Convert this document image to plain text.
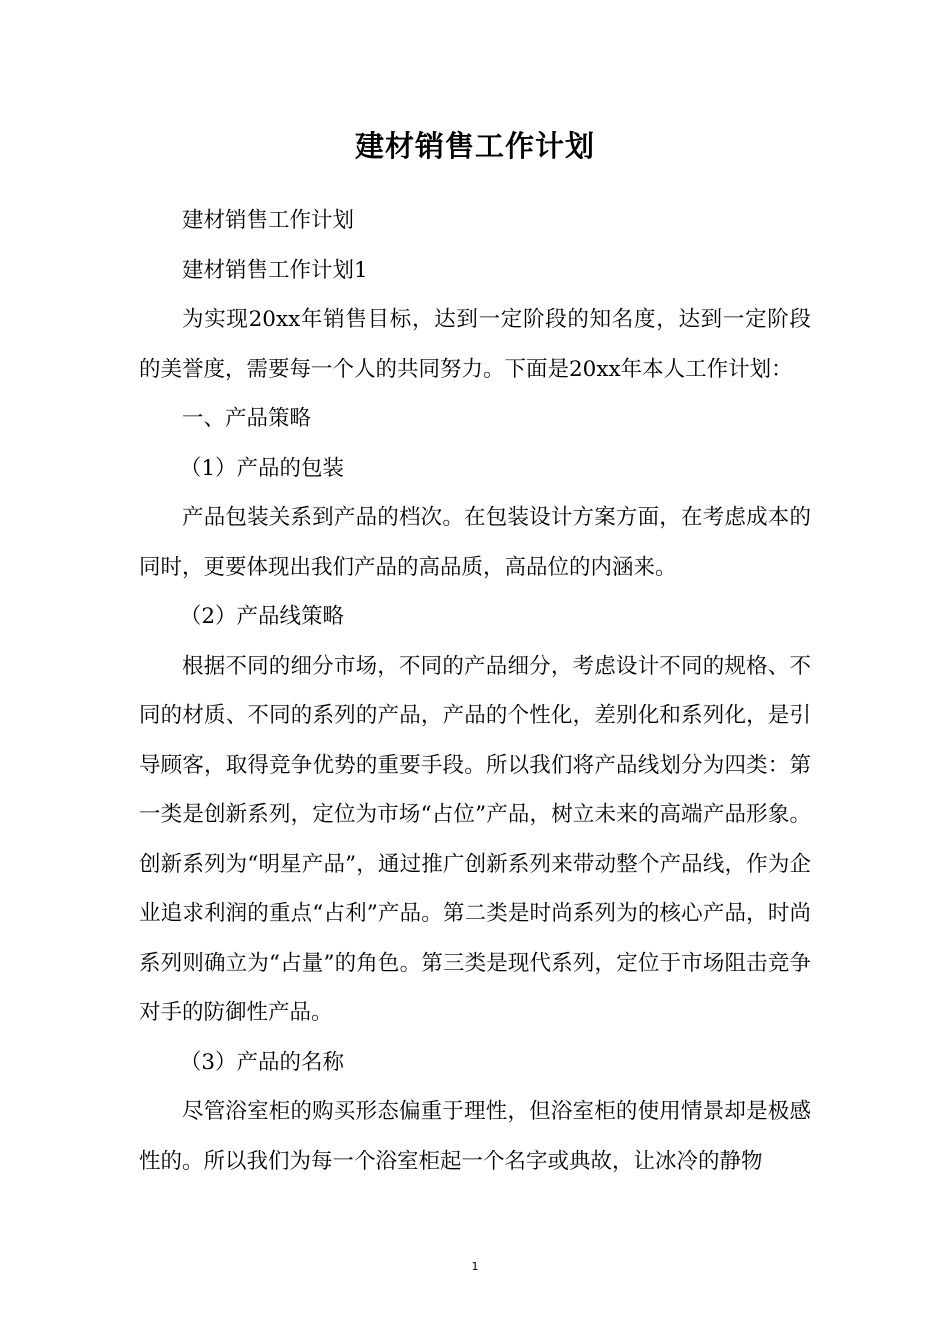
建材销售工作计划

建材销售工作计划

建材销售工作计划1

为实现20xx年销售目标，达到一定阶段的知名度，达到一定阶段的美誉度，需要每一个人的共同努力。下面是20xx年本人工作计划：

一、产品策略

（1）产品的包装

产品包装关系到产品的档次。在包装设计方案方面，在考虑成本的同时，更要体现出我们产品的高品质，高品位的内涵来。

（2）产品线策略

根据不同的细分市场，不同的产品细分，考虑设计不同的规格、不同的材质、不同的系列的产品，产品的个性化，差别化和系列化，是引导顾客，取得竞争优势的重要手段。所以我们将产品线划分为四类：第一类是创新系列，定位为市场“占位”产品，树立未来的高端产品形象。创新系列为“明星产品”，通过推广创新系列来带动整个产品线，作为企业追求利润的重点“占利”产品。第二类是时尚系列为的核心产品，时尚系列则确立为“占量”的角色。第三类是现代系列，定位于市场阻击竞争对手的防御性产品。

（3）产品的名称

尽管浴室柜的购买形态偏重于理性，但浴室柜的使用情景却是极感性的。所以我们为每一个浴室柜起一个名字或典故，让冰冷的静物

1
